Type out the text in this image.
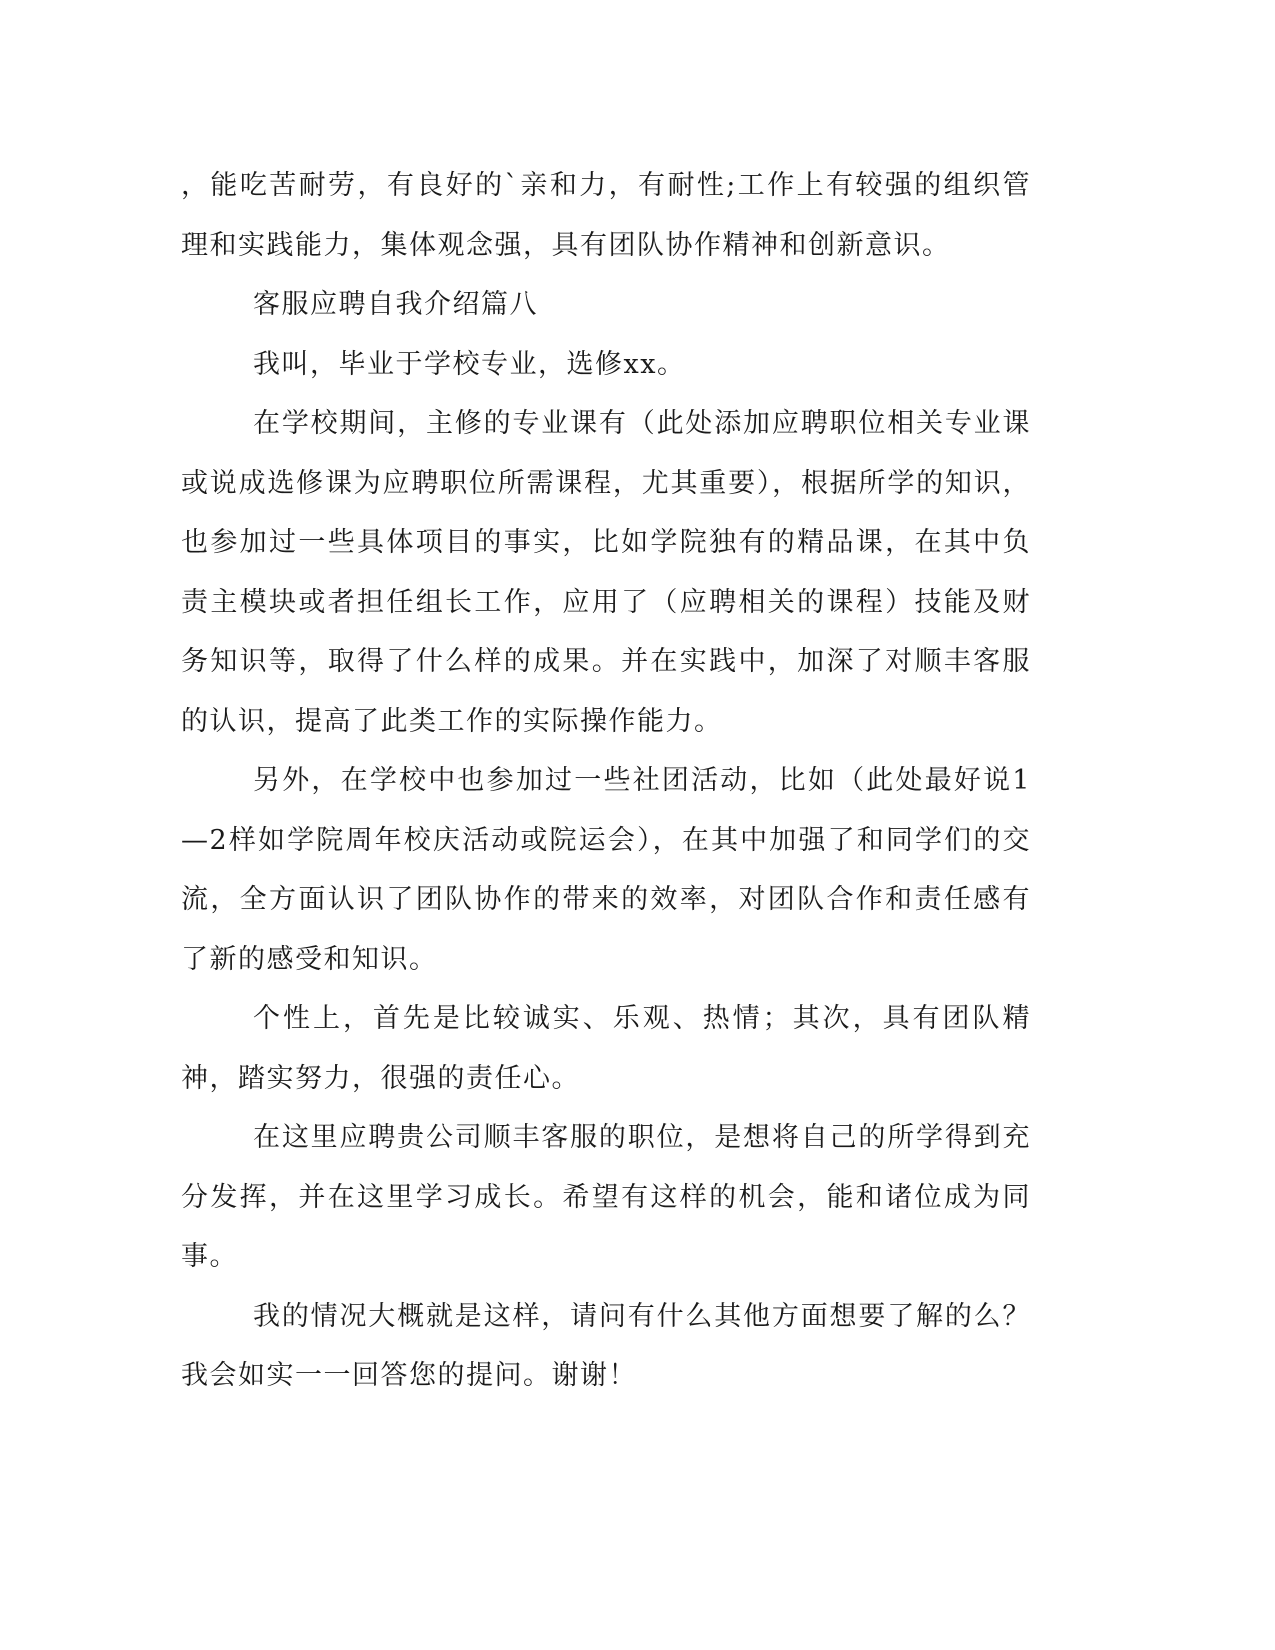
，能吃苦耐劳，有良好的`亲和力，有耐性;工作上有较强的组织管理和实践能力，集体观念强，具有团队协作精神和创新意识。

客服应聘自我介绍篇八

我叫，毕业于学校专业，选修xx。

在学校期间，主修的专业课有（此处添加应聘职位相关专业课或说成选修课为应聘职位所需课程，尤其重要），根据所学的知识，也参加过一些具体项目的事实，比如学院独有的精品课，在其中负责主模块或者担任组长工作，应用了（应聘相关的课程）技能及财务知识等，取得了什么样的成果。并在实践中，加深了对顺丰客服的认识，提高了此类工作的实际操作能力。

另外，在学校中也参加过一些社团活动，比如（此处最好说1—2样如学院周年校庆活动或院运会），在其中加强了和同学们的交流，全方面认识了团队协作的带来的效率，对团队合作和责任感有了新的感受和知识。

个性上，首先是比较诚实、乐观、热情；其次，具有团队精神，踏实努力，很强的责任心。

在这里应聘贵公司顺丰客服的职位，是想将自己的所学得到充分发挥，并在这里学习成长。希望有这样的机会，能和诸位成为同事。

我的情况大概就是这样，请问有什么其他方面想要了解的么？我会如实一一回答您的提问。谢谢！
